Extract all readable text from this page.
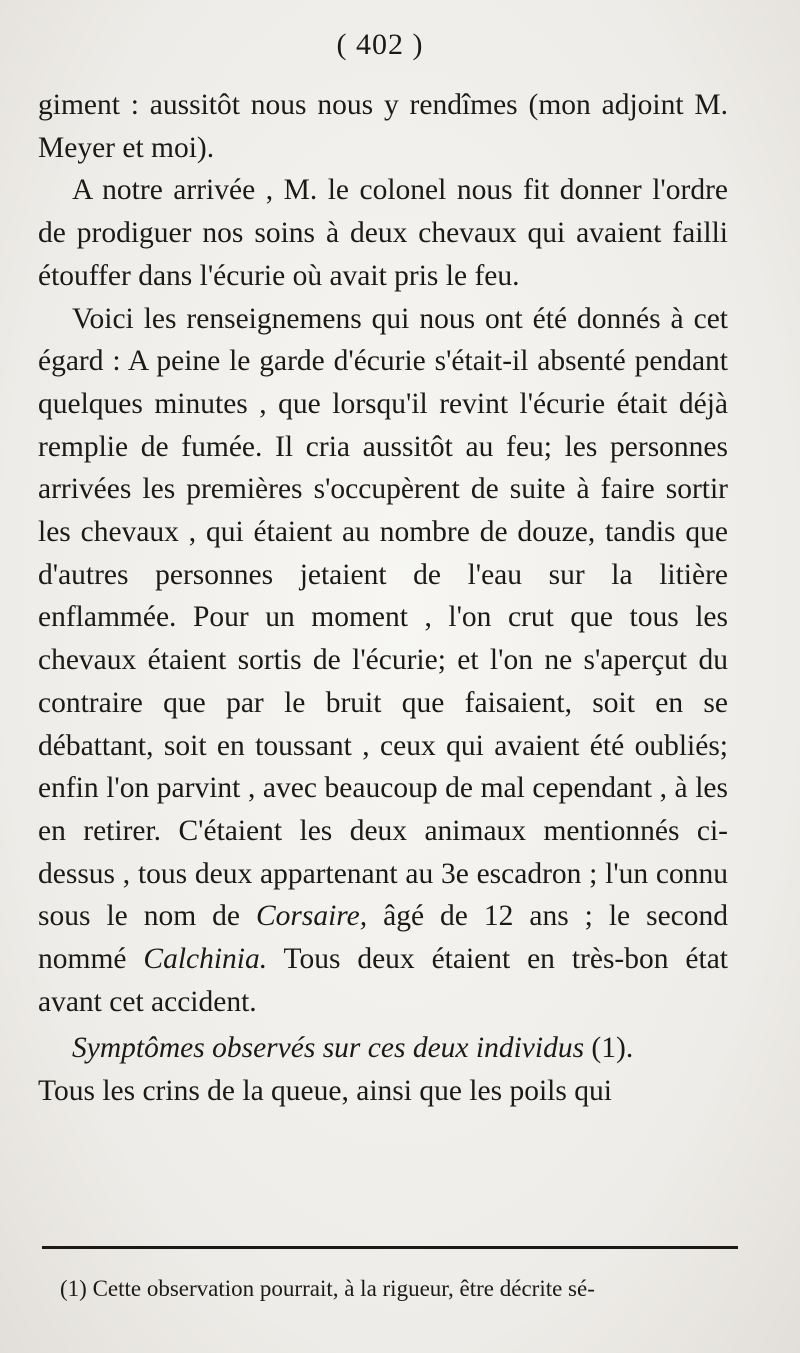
( 402 )

giment : aussitôt nous nous y rendîmes (mon adjoint M. Meyer et moi).

A notre arrivée , M. le colonel nous fit donner l'ordre de prodiguer nos soins à deux chevaux qui avaient failli étouffer dans l'écurie où avait pris le feu.

Voici les renseignemens qui nous ont été donnés à cet égard : A peine le garde d'écurie s'était-il absenté pendant quelques minutes , que lorsqu'il revint l'écurie était déjà remplie de fumée. Il cria aussitôt au feu; les personnes arrivées les premières s'occupèrent de suite à faire sortir les chevaux , qui étaient au nombre de douze, tandis que d'autres personnes jetaient de l'eau sur la litière enflammée. Pour un moment , l'on crut que tous les chevaux étaient sortis de l'écurie; et l'on ne s'aperçut du contraire que par le bruit que faisaient, soit en se débattant, soit en toussant , ceux qui avaient été oubliés; enfin l'on parvint , avec beaucoup de mal cependant , à les en retirer. C'étaient les deux animaux mentionnés ci-dessus , tous deux appartenant au 3e escadron ; l'un connu sous le nom de Corsaire, âgé de 12 ans ; le second nommé Calchinia. Tous deux étaient en très-bon état avant cet accident.

Symptômes observés sur ces deux individus (1).

Tous les crins de la queue, ainsi que les poils qui

(1) Cette observation pourrait, à la rigueur, être décrite sé-
